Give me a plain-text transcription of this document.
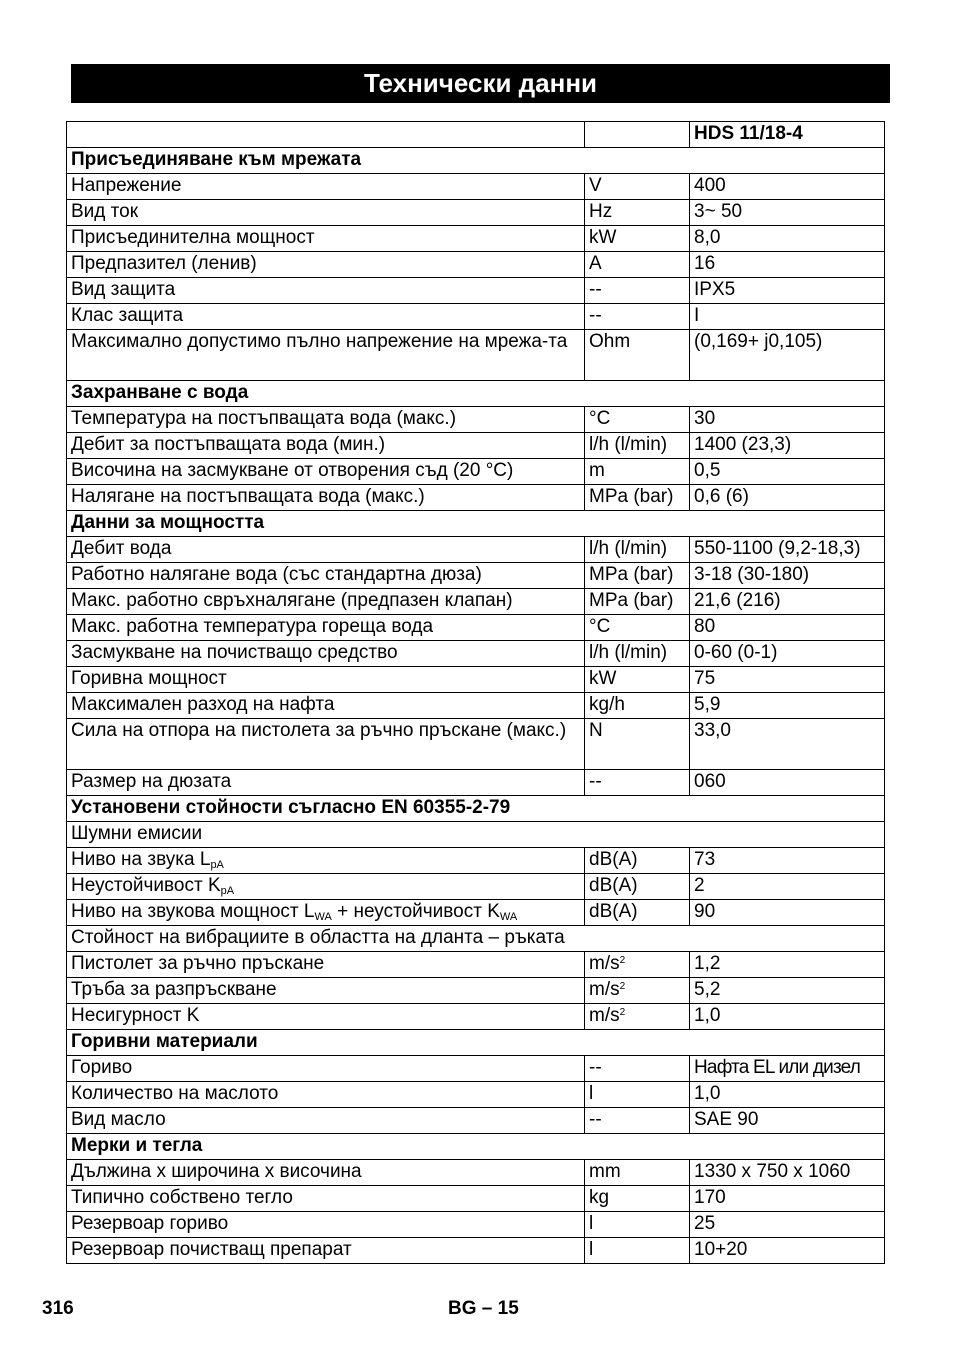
Технически данни
		HDS 11/18-4
Присъединяване към мрежата		
Напрежение	V	400
Вид ток	Hz	3~ 50
Присъединителна мощност	kW	8,0
Предпазител (ленив)	A	16
Вид защита	--	IPX5
Клас защита	--	I
Максимално допустимо пълно напрежение на мрежа-та	Ohm	(0,169+ j0,105)
Захранване с вода		
Температура на постъпващата вода (макс.)	°C	30
Дебит за постъпващата вода (мин.)	l/h (l/min)	1400 (23,3)
Височина на засмукване от отворения съд (20 °C)	m	0,5
Налягане на постъпващата вода (макс.)	MPa (bar)	0,6 (6)
Данни за мощността		
Дебит вода	l/h (l/min)	550-1100 (9,2-18,3)
Работно налягане вода (със стандартна дюза)	MPa (bar)	3-18 (30-180)
Макс. работно свръхналягане (предпазен клапан)	MPa (bar)	21,6 (216)
Макс. работна температура гореща вода	°C	80
Засмукване на почистващо средство	l/h (l/min)	0-60 (0-1)
Горивна мощност	kW	75
Максимален разход на нафта	kg/h	5,9
Сила на отпора на пистолета за ръчно пръскане (макс.)	N	33,0
Размер на дюзата	--	060
Установени стойности съгласно EN 60355-2-79		
Шумни емисии		
Ниво на звука $L_{pA}$	dB(A)	73
Неустойчивост $K_{pA}$	dB(A)	2
Ниво на звукова мощност $L_{WA}$ + неустойчивост $K_{WA}$	dB(A)	90
Стойност на вибрациите в областта на дланта – ръката		
Пистолет за ръчно пръскане	$m/s^2$	1,2
Тръба за разпръскване	$m/s^2$	5,2
Несигурност K	$m/s^2$	1,0
Горивни материали		
Гориво	--	Нафта EL или дизел
Количество на маслото	l	1,0
Вид масло	--	SAE 90
Мерки и тегла		
Дължина x широчина x височина	mm	1330 x 750 x 1060
Типично собствено тегло	kg	170
Резервоар гориво	l	25
Резервоар почистващ препарат	l	10+20
316	BG – 15
